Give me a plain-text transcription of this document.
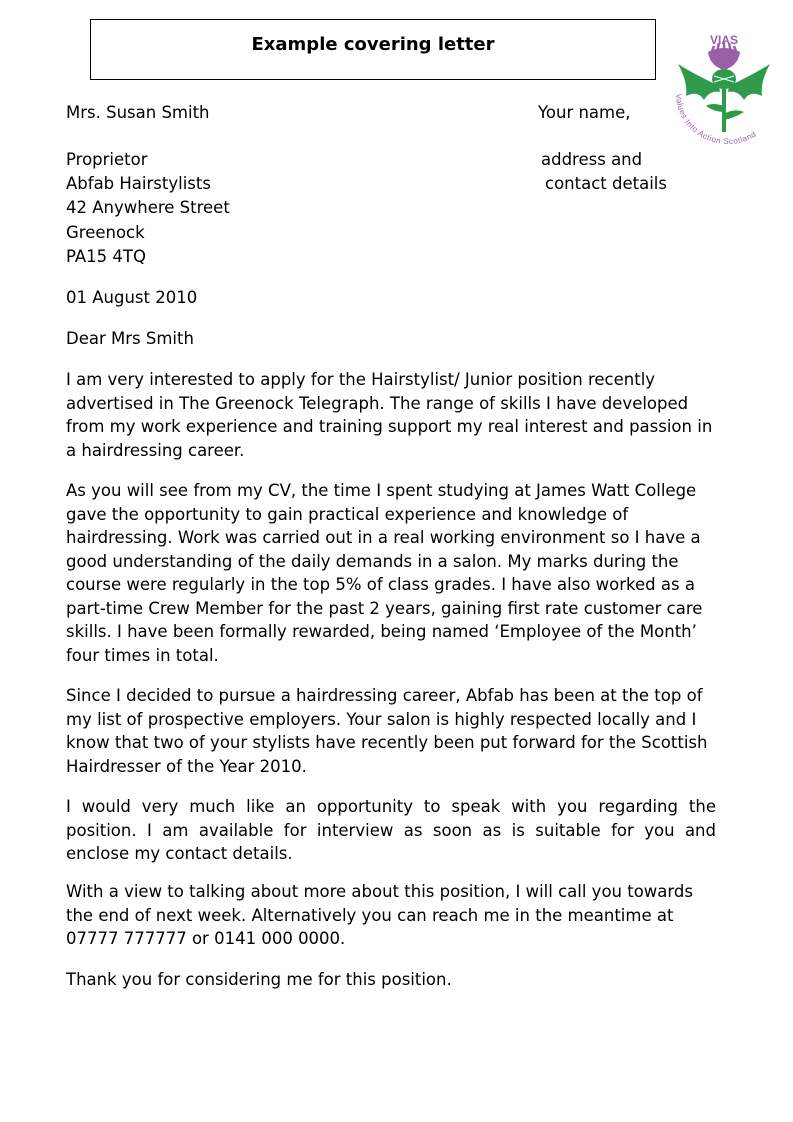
Example covering letter	VIAS
Values Into Action Scotland
Mrs. Susan Smith
Proprietor
Abfab Hairstylists
42 Anywhere Street
Greenock
PA15 4TQ
Your name,
address and
contact details
01 August 2010
Dear Mrs Smith
I am very interested to apply for the Hairstylist/ Junior position recently
advertised in The Greenock Telegraph. The range of skills I have developed
from my work experience and training support my real interest and passion in
a hairdressing career.
As you will see from my CV, the time I spent studying at James Watt College
gave the opportunity to gain practical experience and knowledge of
hairdressing. Work was carried out in a real working environment so I have a
good understanding of the daily demands in a salon. My marks during the
course were regularly in the top 5% of class grades. I have also worked as a
part-time Crew Member for the past 2 years, gaining first rate customer care
skills. I have been formally rewarded, being named ‘Employee of the Month’
four times in total.
Since I decided to pursue a hairdressing career, Abfab has been at the top of
my list of prospective employers. Your salon is highly respected locally and I
know that two of your stylists have recently been put forward for the Scottish
Hairdresser of the Year 2010.
I would very much like an opportunity to speak with you regarding the
position. I am available for interview as soon as is suitable for you and
enclose my contact details.
With a view to talking about more about this position, I will call you towards
the end of next week. Alternatively you can reach me in the meantime at
07777 777777 or 0141 000 0000.
Thank you for considering me for this position.
